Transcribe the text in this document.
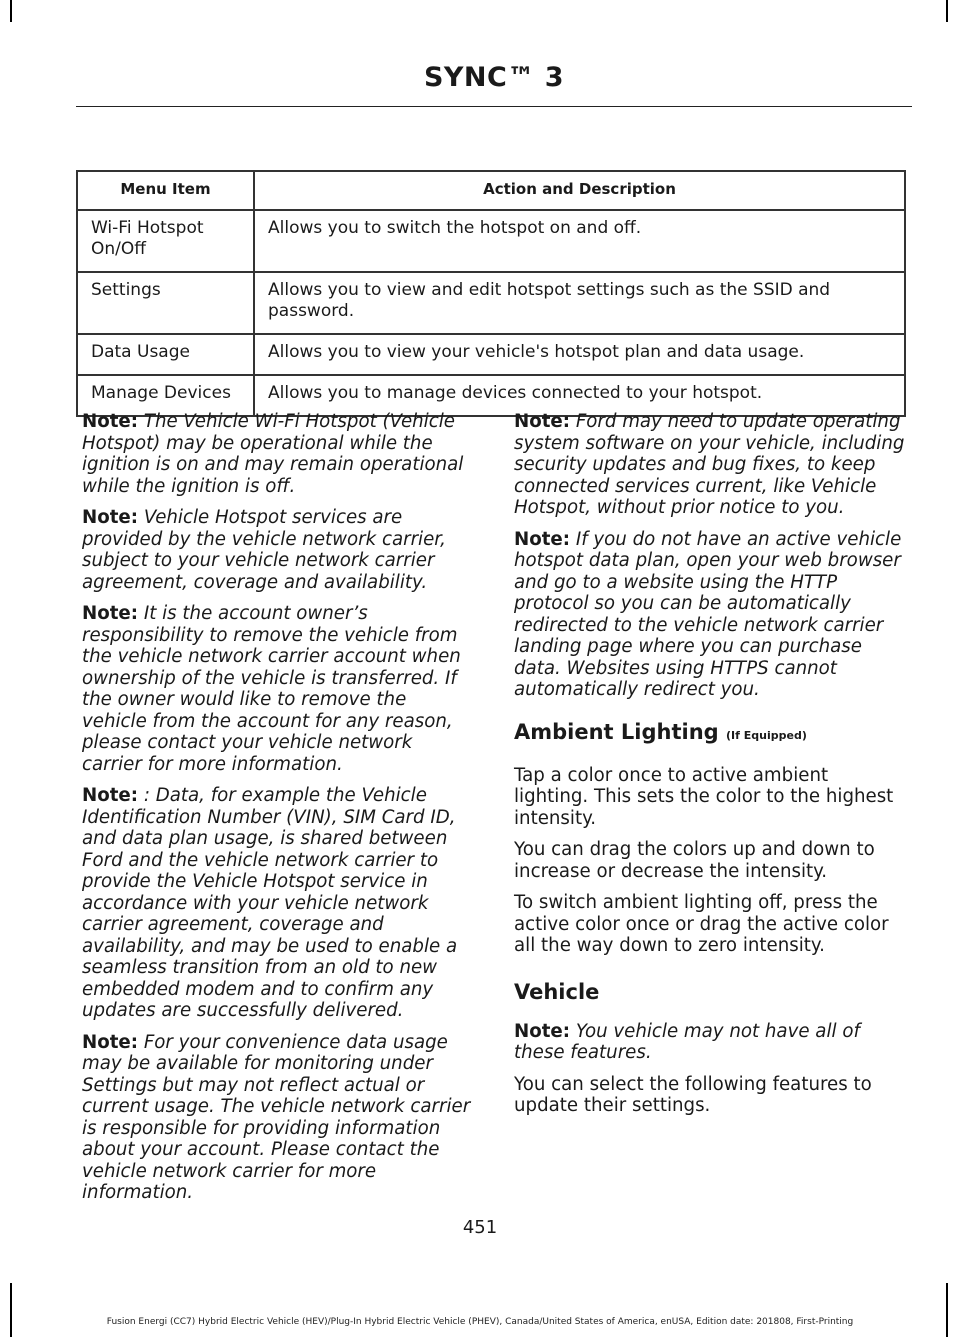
SYNC™ 3
Menu Item	Action and Description
Wi-Fi Hotspot On/Off	Allows you to switch the hotspot on and off.
Settings	Allows you to view and edit hotspot settings such as the SSID and password.
Data Usage	Allows you to view your vehicle's hotspot plan and data usage.
Manage Devices	Allows you to manage devices connected to your hotspot.

Note: The Vehicle Wi-Fi Hotspot (Vehicle Hotspot) may be operational while the ignition is on and may remain operational while the ignition is off.

Note: Vehicle Hotspot services are provided by the vehicle network carrier, subject to your vehicle network carrier agreement, coverage and availability.

Note: It is the account owner’s responsibility to remove the vehicle from the vehicle network carrier account when ownership of the vehicle is transferred. If the owner would like to remove the vehicle from the account for any reason, please contact your vehicle network carrier for more information.

Note: : Data, for example the Vehicle Identification Number (VIN), SIM Card ID, and data plan usage, is shared between Ford and the vehicle network carrier to provide the Vehicle Hotspot service in accordance with your vehicle network carrier agreement, coverage and availability, and may be used to enable a seamless transition from an old to new embedded modem and to confirm any updates are successfully delivered.

Note: For your convenience data usage may be available for monitoring under Settings but may not reflect actual or current usage. The vehicle network carrier is responsible for providing information about your account. Please contact the vehicle network carrier for more information.

Note: Ford may need to update operating system software on your vehicle, including security updates and bug fixes, to keep connected services current, like Vehicle Hotspot, without prior notice to you.

Note: If you do not have an active vehicle hotspot data plan, open your web browser and go to a website using the HTTP protocol so you can be automatically redirected to the vehicle network carrier landing page where you can purchase data. Websites using HTTPS cannot automatically redirect you.

Ambient Lighting (If Equipped)

Tap a color once to active ambient lighting. This sets the color to the highest intensity.

You can drag the colors up and down to increase or decrease the intensity.

To switch ambient lighting off, press the active color once or drag the active color all the way down to zero intensity.

Vehicle

Note: You vehicle may not have all of these features.

You can select the following features to update their settings.

451
Fusion Energi (CC7) Hybrid Electric Vehicle (HEV)/Plug-In Hybrid Electric Vehicle (PHEV), Canada/United States of America, enUSA, Edition date: 201808, First-Printing
